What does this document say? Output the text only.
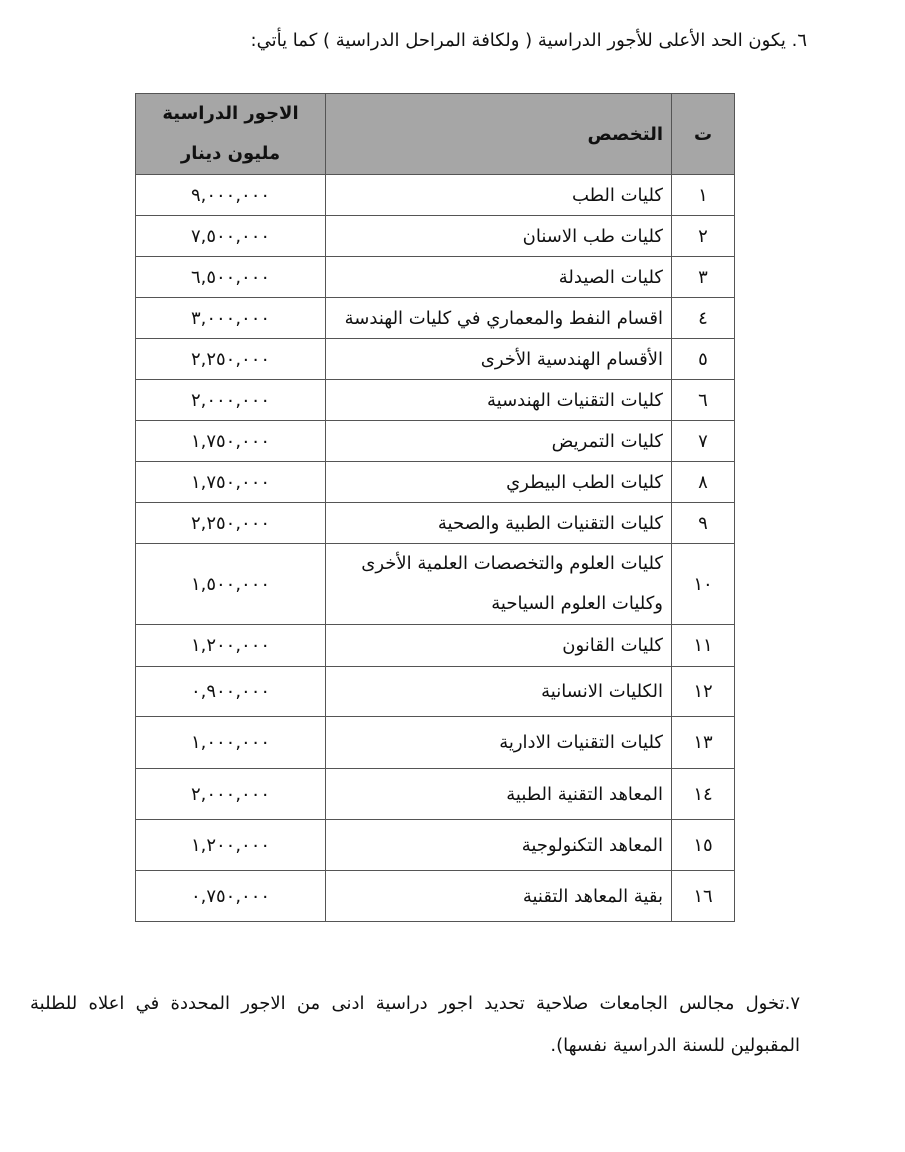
٦. يكون الحد الأعلى للأجور الدراسية ( ولكافة المراحل الدراسية ) كما يأتي:
ت	التخصص	الاجور الدراسية
مليون دينار

١	كليات الطب	٩,٠٠٠,٠٠٠
٢	كليات طب الاسنان	٧,٥٠٠,٠٠٠
٣	كليات الصيدلة	٦,٥٠٠,٠٠٠
٤	اقسام النفط والمعماري في كليات الهندسة	٣,٠٠٠,٠٠٠
٥	الأقسام الهندسية الأخرى	٢,٢٥٠,٠٠٠
٦	كليات التقنيات الهندسية	٢,٠٠٠,٠٠٠
٧	كليات التمريض	١,٧٥٠,٠٠٠
٨	كليات الطب البيطري	١,٧٥٠,٠٠٠
٩	كليات التقنيات الطبية والصحية	٢,٢٥٠,٠٠٠
١٠	كليات العلوم والتخصصات العلمية الأخرى وكليات العلوم السياحية	١,٥٠٠,٠٠٠
١١	كليات القانون	١,٢٠٠,٠٠٠
١٢	الكليات الانسانية	٠,٩٠٠,٠٠٠
١٣	كليات التقنيات الادارية	١,٠٠٠,٠٠٠
١٤	المعاهد التقنية الطبية	٢,٠٠٠,٠٠٠
١٥	المعاهد التكنولوجية	١,٢٠٠,٠٠٠
١٦	بقية المعاهد التقنية	٠,٧٥٠,٠٠٠
٧.تخول مجالس الجامعات صلاحية تحديد اجور دراسية ادنى من الاجور المحددة في اعلاه للطلبة المقبولين للسنة الدراسية نفسها).
